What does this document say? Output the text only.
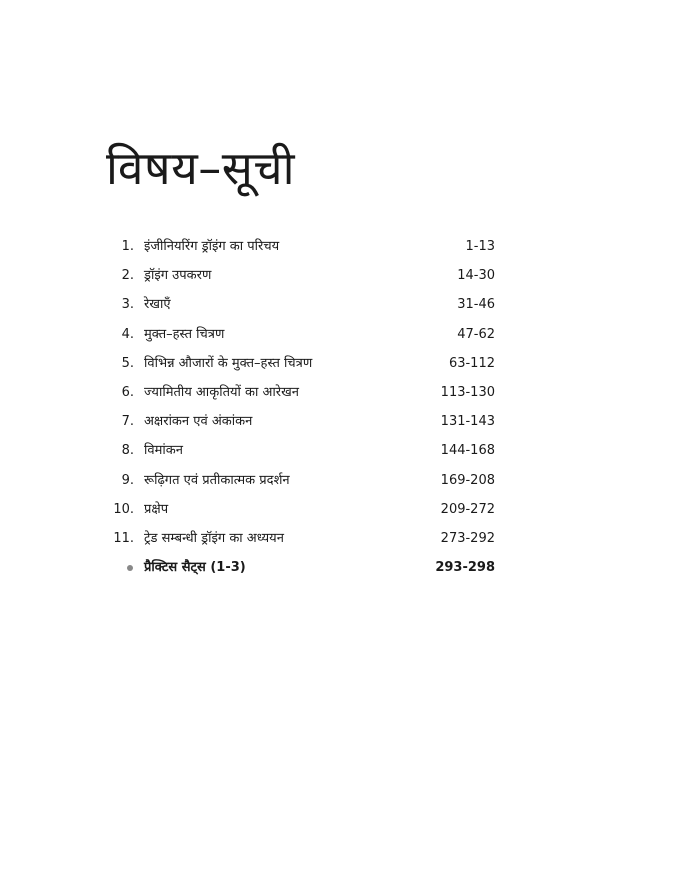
विषय–सूची
1. इंजीनियरिंग ड्रॉइंग का परिचय	1-13
2. ड्रॉइंग उपकरण	14-30
3. रेखाएँ	31-46
4. मुक्त–हस्त चित्रण	47-62
5. विभिन्न औजारों के मुक्त–हस्त चित्रण	63-112
6. ज्यामितीय आकृतियों का आरेखन	113-130
7. अक्षरांकन एवं अंकांकन	131-143
8. विमांकन	144-168
9. रूढ़िगत एवं प्रतीकात्मक प्रदर्शन	169-208
10. प्रक्षेप	209-272
11. ट्रेड सम्बन्धी ड्रॉइंग का अध्ययन	273-292
प्रैक्टिस सैट्स (1-3)	293-298
